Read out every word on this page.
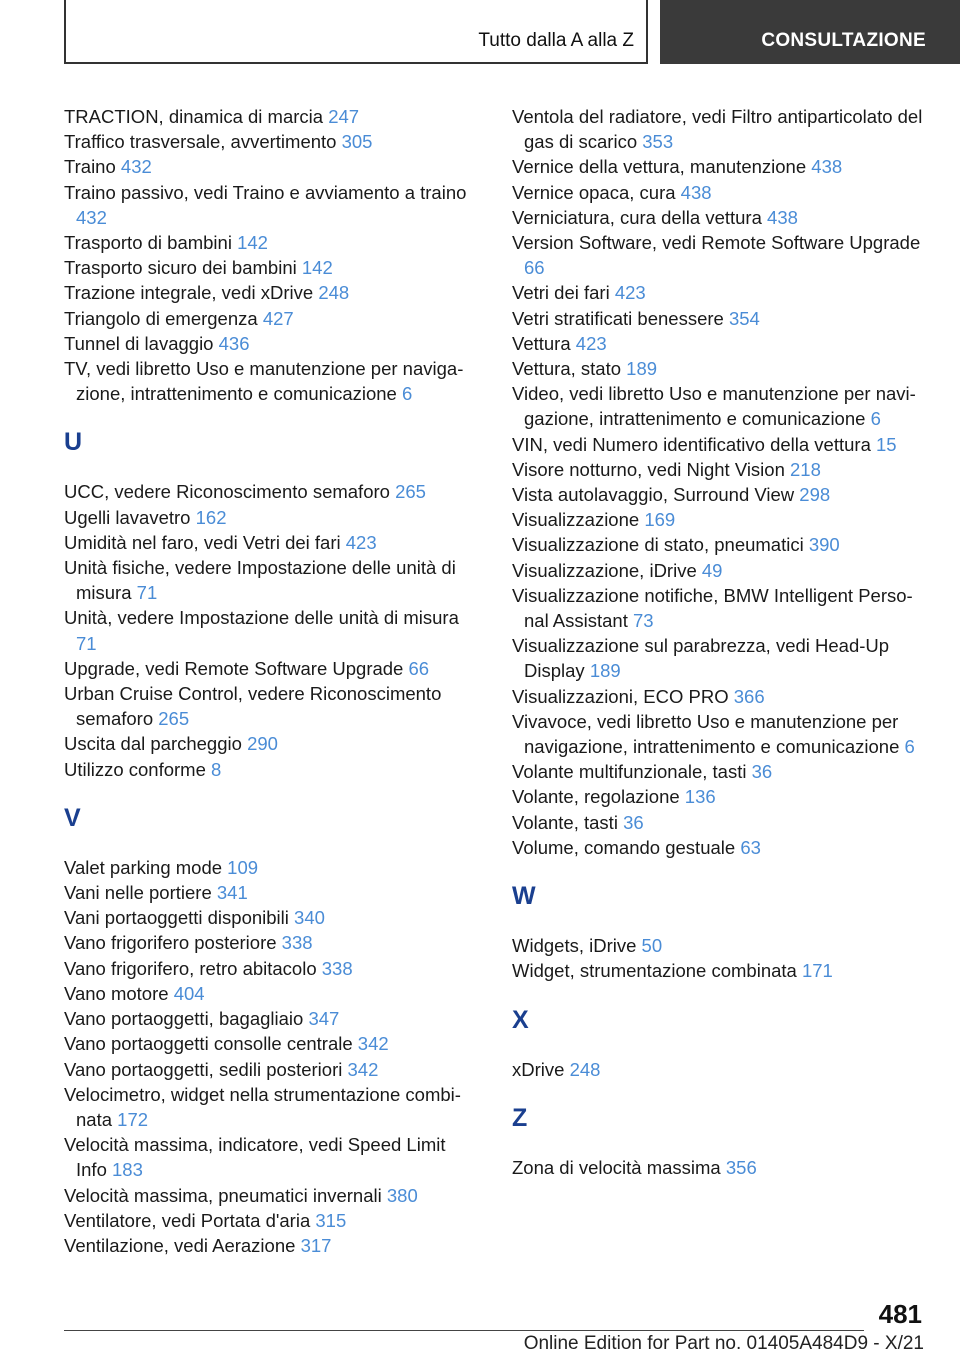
Tutto dalla A alla Z	CONSULTAZIONE
TRACTION, dinamica di marcia 247
Traffico trasversale, avvertimento 305
Traino 432
Traino passivo, vedi Traino e avviamento a traino 432
Trasporto di bambini 142
Trasporto sicuro dei bambini 142
Trazione integrale, vedi xDrive 248
Triangolo di emergenza 427
Tunnel di lavaggio 436
TV, vedi libretto Uso e manutenzione per navigazione, intrattenimento e comunicazione 6
U
UCC, vedere Riconoscimento semaforo 265
Ugelli lavavetro 162
Umidità nel faro, vedi Vetri dei fari 423
Unità fisiche, vedere Impostazione delle unità di misura 71
Unità, vedere Impostazione delle unità di misura 71
Upgrade, vedi Remote Software Upgrade 66
Urban Cruise Control, vedere Riconoscimento semaforo 265
Uscita dal parcheggio 290
Utilizzo conforme 8
V
Valet parking mode 109
Vani nelle portiere 341
Vani portaoggetti disponibili 340
Vano frigorifero posteriore 338
Vano frigorifero, retro abitacolo 338
Vano motore 404
Vano portaoggetti, bagagliaio 347
Vano portaoggetti consolle centrale 342
Vano portaoggetti, sedili posteriori 342
Velocimetro, widget nella strumentazione combinata 172
Velocità massima, indicatore, vedi Speed Limit Info 183
Velocità massima, pneumatici invernali 380
Ventilatore, vedi Portata d'aria 315
Ventilazione, vedi Aerazione 317
Ventola del radiatore, vedi Filtro antiparticolato del gas di scarico 353
Vernice della vettura, manutenzione 438
Vernice opaca, cura 438
Verniciatura, cura della vettura 438
Version Software, vedi Remote Software Upgrade 66
Vetri dei fari 423
Vetri stratificati benessere 354
Vettura 423
Vettura, stato 189
Video, vedi libretto Uso e manutenzione per navigazione, intrattenimento e comunicazione 6
VIN, vedi Numero identificativo della vettura 15
Visore notturno, vedi Night Vision 218
Vista autolavaggio, Surround View 298
Visualizzazione 169
Visualizzazione di stato, pneumatici 390
Visualizzazione, iDrive 49
Visualizzazione notifiche, BMW Intelligent Personal Assistant 73
Visualizzazione sul parabrezza, vedi Head-Up Display 189
Visualizzazioni, ECO PRO 366
Vivavoce, vedi libretto Uso e manutenzione per navigazione, intrattenimento e comunicazione 6
Volante multifunzionale, tasti 36
Volante, regolazione 136
Volante, tasti 36
Volume, comando gestuale 63
W
Widgets, iDrive 50
Widget, strumentazione combinata 171
X
xDrive 248
Z
Zona di velocità massima 356
481
Online Edition for Part no. 01405A484D9 - X/21
